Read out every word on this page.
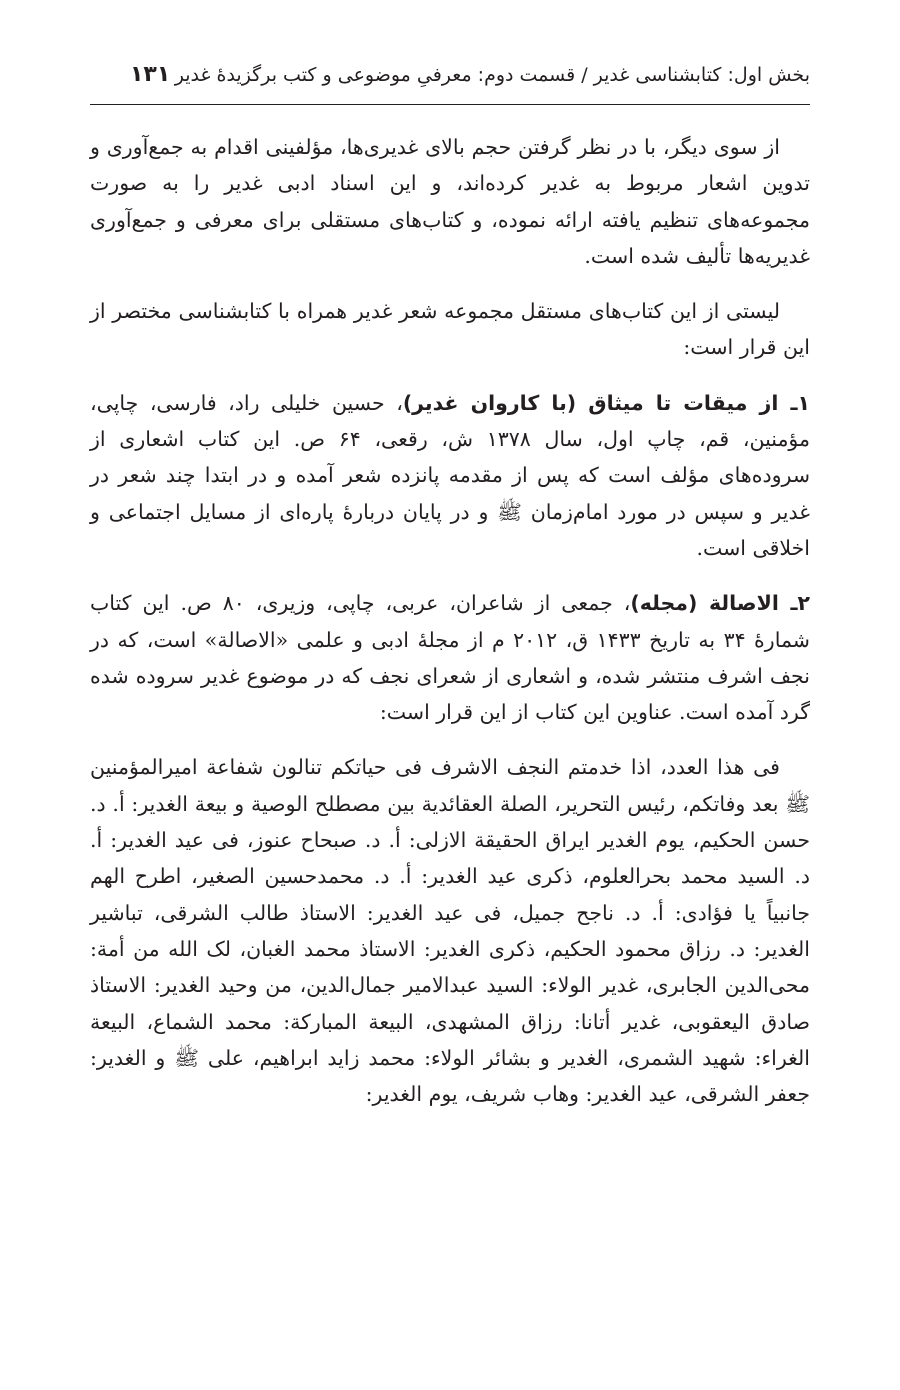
بخش اول: کتابشناسی غدیر / قسمت دوم: معرفیِ موضوعی و کتب برگزیدۀ غدیر
۱۳۱

از سوی دیگر، با در نظر گرفتن حجم بالای غدیری‌ها، مؤلفینی اقدام به جمع‌آوری و تدوین اشعار مربوط به غدیر کرده‌اند، و این اسناد ادبی غدیر را به صورت مجموعه‌های تنظیم یافته ارائه نموده، و کتاب‌های مستقلی برای معرفی و جمع‌آوری غدیریه‌ها تألیف شده است.

لیستی از این کتاب‌های مستقل مجموعه شعر غدیر همراه با کتابشناسی مختصر از این قرار است:

۱ـ از میقات تا میثاق (با کاروان غدیر)، حسین خلیلی راد، فارسی، چاپی، مؤمنین، قم، چاپ اول، سال ۱۳۷۸ ش، رقعی، ۶۴ ص. این کتاب اشعاری از سروده‌های مؤلف است که پس از مقدمه پانزده شعر آمده و در ابتدا چند شعر در غدیر و سپس در مورد امام‌زمان ﷺ و در پایان دربارۀ پاره‌ای از مسایل اجتماعی و اخلاقی است.

۲ـ الاصالة (مجله)، جمعی از شاعران، عربی، چاپی، وزیری، ۸۰ ص. این کتاب شمارۀ ۳۴ به تاریخ ۱۴۳۳ ق، ۲۰۱۲ م از مجلۀ ادبی و علمی «الاصالة» است، که در نجف اشرف منتشر شده، و اشعاری از شعرای نجف که در موضوع غدیر سروده شده گرد آمده است. عناوین این کتاب از این قرار است:

فی هذا العدد، اذا خدمتم النجف الاشرف فی حیاتکم تنالون شفاعة امیرالمؤمنین ﷺ بعد وفاتکم، رئیس التحریر، الصلة العقائدیة بین مصطلح الوصیة و بیعة الغدیر: أ. د. حسن الحکیم، یوم الغدیر ایراق الحقیقة الازلی: أ. د. صبحاح عنوز، فی عید الغدیر: أ. د. السید محمد بحرالعلوم، ذکری عید الغدیر: أ. د. محمدحسین الصغیر، اطرح الهم جانبیاً یا فؤادی: أ. د. ناجح جمیل، فی عید الغدیر: الاستاذ طالب الشرقی، تباشیر الغدیر: د. رزاق محمود الحکیم، ذکری الغدیر: الاستاذ محمد الغبان، لک الله من أمة: محی‌الدین الجابری، غدیر الولاء: السید عبدالامیر جمال‌الدین، من وحید الغدیر: الاستاذ صادق الیعقوبی، غدیر أتانا: رزاق المشهدی، البیعة المبارکة: محمد الشماع، البیعة الغراء: شهید الشمری، الغدیر و بشائر الولاء: محمد زاید ابراهیم، علی ﷺ و الغدیر: جعفر الشرقی، عید الغدیر: وهاب شریف، یوم الغدیر:
